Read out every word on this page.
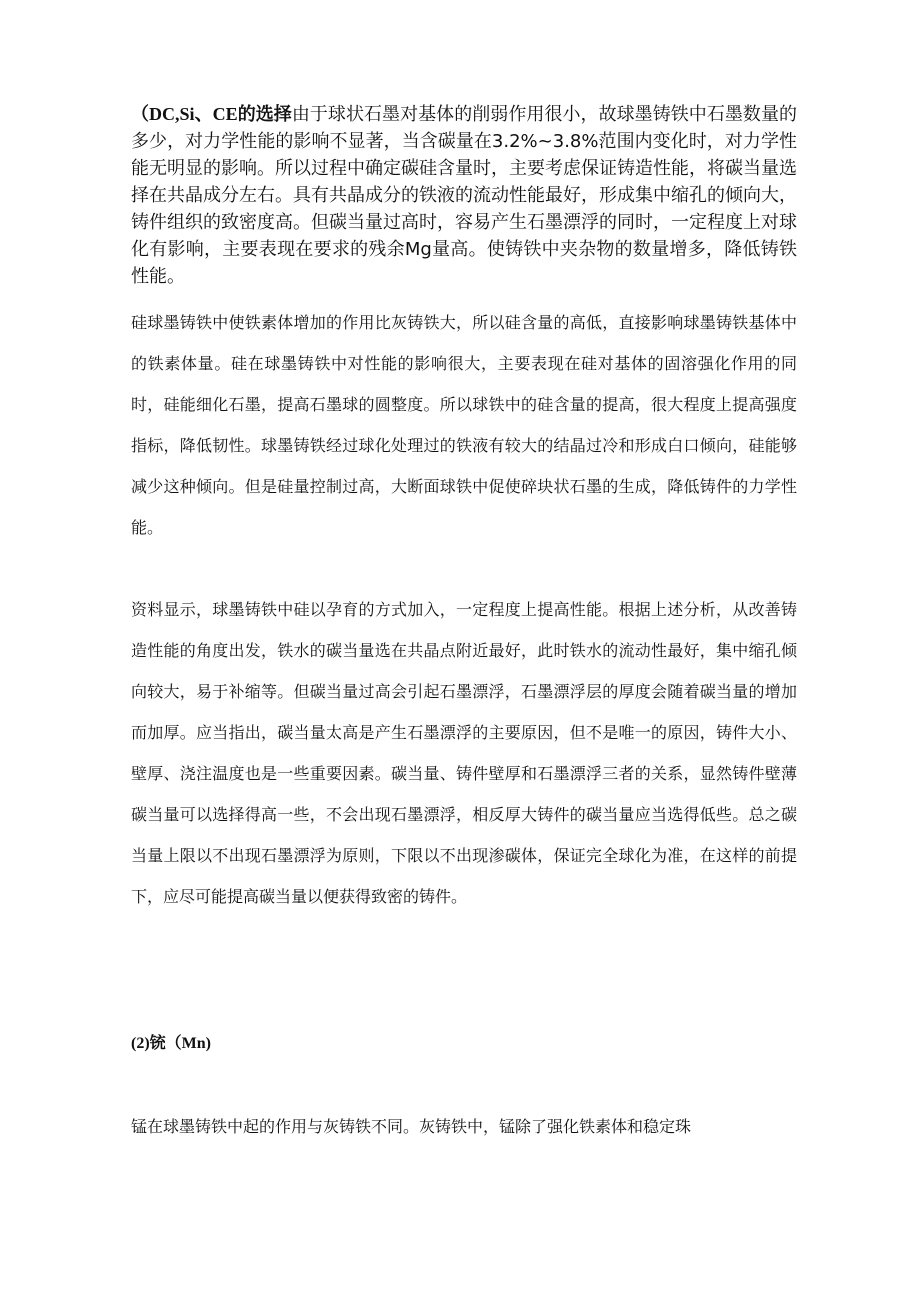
（DC,Si、CE的选择由于球状石墨对基体的削弱作用很小，故球墨铸铁中石墨数量的多少，对力学性能的影响不显著，当含碳量在3.2%~3.8%范围内变化时，对力学性能无明显的影响。所以过程中确定碳硅含量时，主要考虑保证铸造性能，将碳当量选择在共晶成分左右。具有共晶成分的铁液的流动性能最好，形成集中缩孔的倾向大，铸件组织的致密度高。但碳当量过高时，容易产生石墨漂浮的同时，一定程度上对球化有影响，主要表现在要求的残余Mg量高。使铸铁中夹杂物的数量增多，降低铸铁性能。

硅球墨铸铁中使铁素体增加的作用比灰铸铁大，所以硅含量的高低，直接影响球墨铸铁基体中的铁素体量。硅在球墨铸铁中对性能的影响很大，主要表现在硅对基体的固溶强化作用的同时，硅能细化石墨，提高石墨球的圆整度。所以球铁中的硅含量的提高，很大程度上提高强度指标，降低韧性。球墨铸铁经过球化处理过的铁液有较大的结晶过冷和形成白口倾向，硅能够减少这种倾向。但是硅量控制过高，大断面球铁中促使碎块状石墨的生成，降低铸件的力学性能。

资料显示，球墨铸铁中硅以孕育的方式加入，一定程度上提高性能。根据上述分析，从改善铸造性能的角度出发，铁水的碳当量选在共晶点附近最好，此时铁水的流动性最好，集中缩孔倾向较大，易于补缩等。但碳当量过高会引起石墨漂浮，石墨漂浮层的厚度会随着碳当量的增加而加厚。应当指出，碳当量太高是产生石墨漂浮的主要原因，但不是唯一的原因，铸件大小、壁厚、浇注温度也是一些重要因素。碳当量、铸件壁厚和石墨漂浮三者的关系，显然铸件壁薄碳当量可以选择得高一些，不会出现石墨漂浮，相反厚大铸件的碳当量应当选得低些。总之碳当量上限以不出现石墨漂浮为原则，下限以不出现渗碳体，保证完全球化为准，在这样的前提下，应尽可能提高碳当量以便获得致密的铸件。

(2)铳（Mn)

锰在球墨铸铁中起的作用与灰铸铁不同。灰铸铁中，锰除了强化铁素体和稳定珠
